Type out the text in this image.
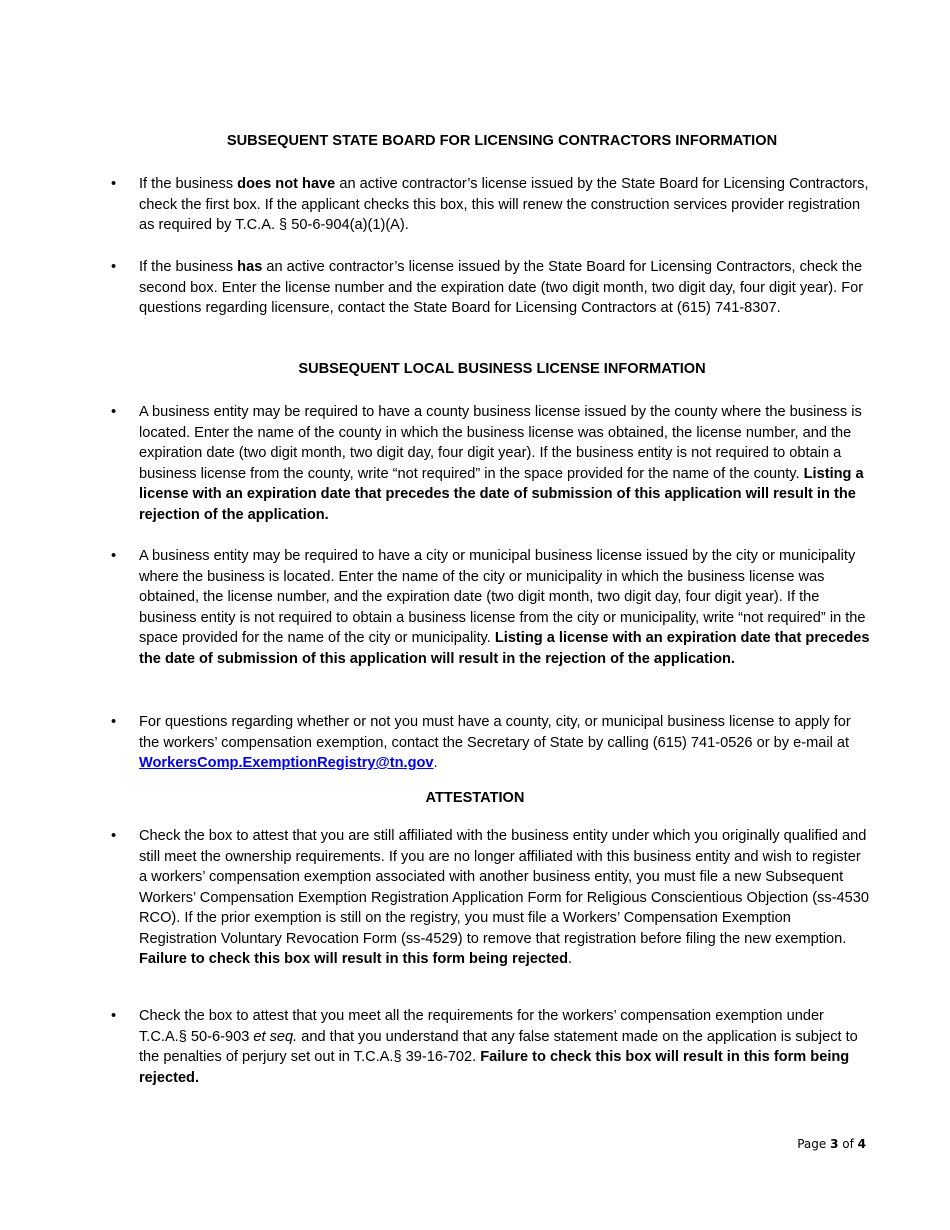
SUBSEQUENT STATE BOARD FOR LICENSING CONTRACTORS INFORMATION
• If the business does not have an active contractor’s license issued by the State Board for Licensing Contractors, check the first box. If the applicant checks this box, this will renew the construction services provider registration as required by T.C.A. § 50-6-904(a)(1)(A).

• If the business has an active contractor’s license issued by the State Board for Licensing Contractors, check the second box. Enter the license number and the expiration date (two digit month, two digit day, four digit year). For questions regarding licensure, contact the State Board for Licensing Contractors at (615) 741-8307.

SUBSEQUENT LOCAL BUSINESS LICENSE INFORMATION
• A business entity may be required to have a county business license issued by the county where the business is located. Enter the name of the county in which the business license was obtained, the license number, and the expiration date (two digit month, two digit day, four digit year). If the business entity is not required to obtain a business license from the county, write “not required” in the space provided for the name of the county. Listing a license with an expiration date that precedes the date of submission of this application will result in the rejection of the application.

• A business entity may be required to have a city or municipal business license issued by the city or municipality where the business is located. Enter the name of the city or municipality in which the business license was obtained, the license number, and the expiration date (two digit month, two digit day, four digit year). If the business entity is not required to obtain a business license from the city or municipality, write “not required” in the space provided for the name of the city or municipality. Listing a license with an expiration date that precedes the date of submission of this application will result in the rejection of the application.

• For questions regarding whether or not you must have a county, city, or municipal business license to apply for the workers’ compensation exemption, contact the Secretary of State by calling (615) 741-0526 or by e-mail at WorkersComp.ExemptionRegistry@tn.gov.

ATTESTATION
• Check the box to attest that you are still affiliated with the business entity under which you originally qualified and still meet the ownership requirements. If you are no longer affiliated with this business entity and wish to register a workers’ compensation exemption associated with another business entity, you must file a new Subsequent Workers’ Compensation Exemption Registration Application Form for Religious Conscientious Objection (ss-4530 RCO). If the prior exemption is still on the registry, you must file a Workers’ Compensation Exemption Registration Voluntary Revocation Form (ss-4529) to remove that registration before filing the new exemption. Failure to check this box will result in this form being rejected.

• Check the box to attest that you meet all the requirements for the workers’ compensation exemption under T.C.A.§ 50-6-903 et seq. and that you understand that any false statement made on the application is subject to the penalties of perjury set out in T.C.A.§ 39-16-702. Failure to check this box will result in this form being rejected.

Page 3 of 4
